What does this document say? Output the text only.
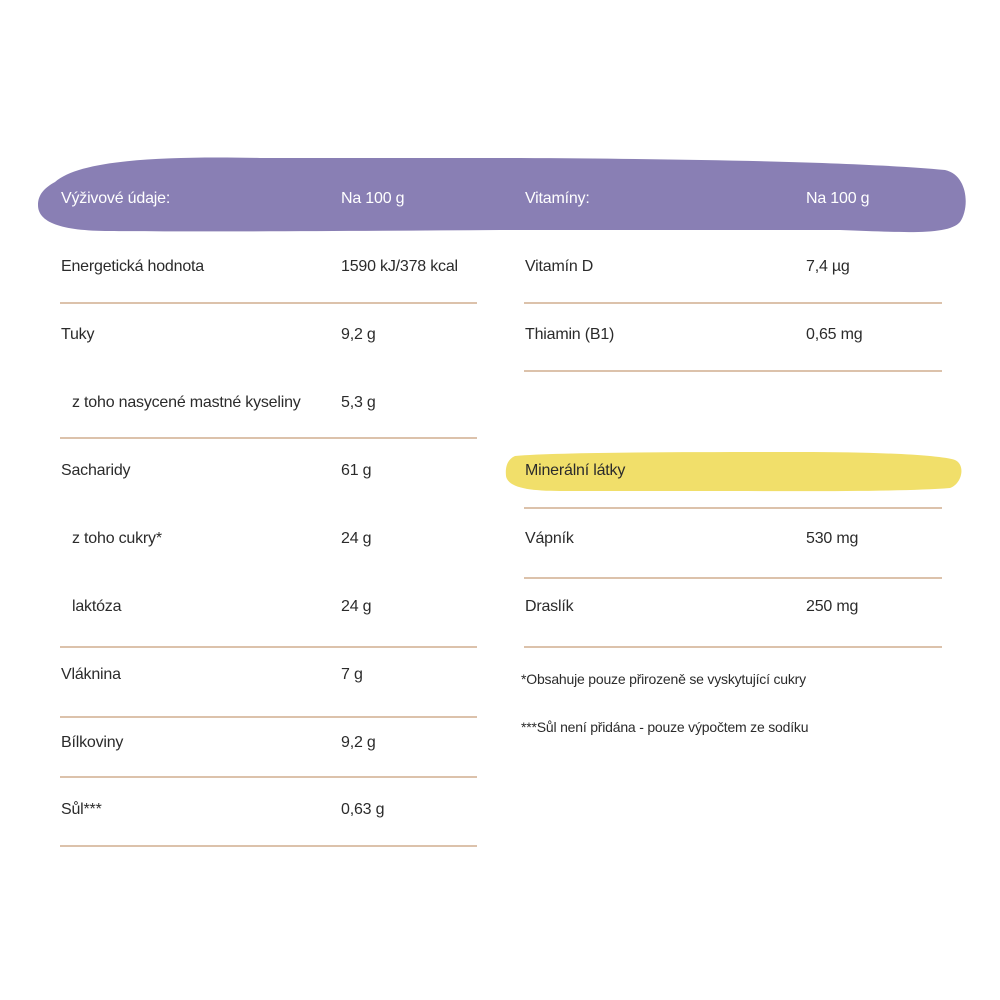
Výživové údaje:	Na 100 g	Vitamíny:	Na 100 g
Energetická hodnota	1590 kJ/378 kcal
Tuky	9,2 g
z toho nasycené mastné kyseliny	5,3 g
Sacharidy	61 g
z toho cukry*	24 g
laktóza	24 g
Vláknina	7 g
Bílkoviny	9,2 g
Sůl***	0,63 g
Vitamín D	7,4 µg
Thiamin (B1)	0,65 mg
Minerální látky
Vápník	530 mg
Draslík	250 mg
*Obsahuje pouze přirozeně se vyskytující cukry
***Sůl není přidána - pouze výpočtem ze sodíku
